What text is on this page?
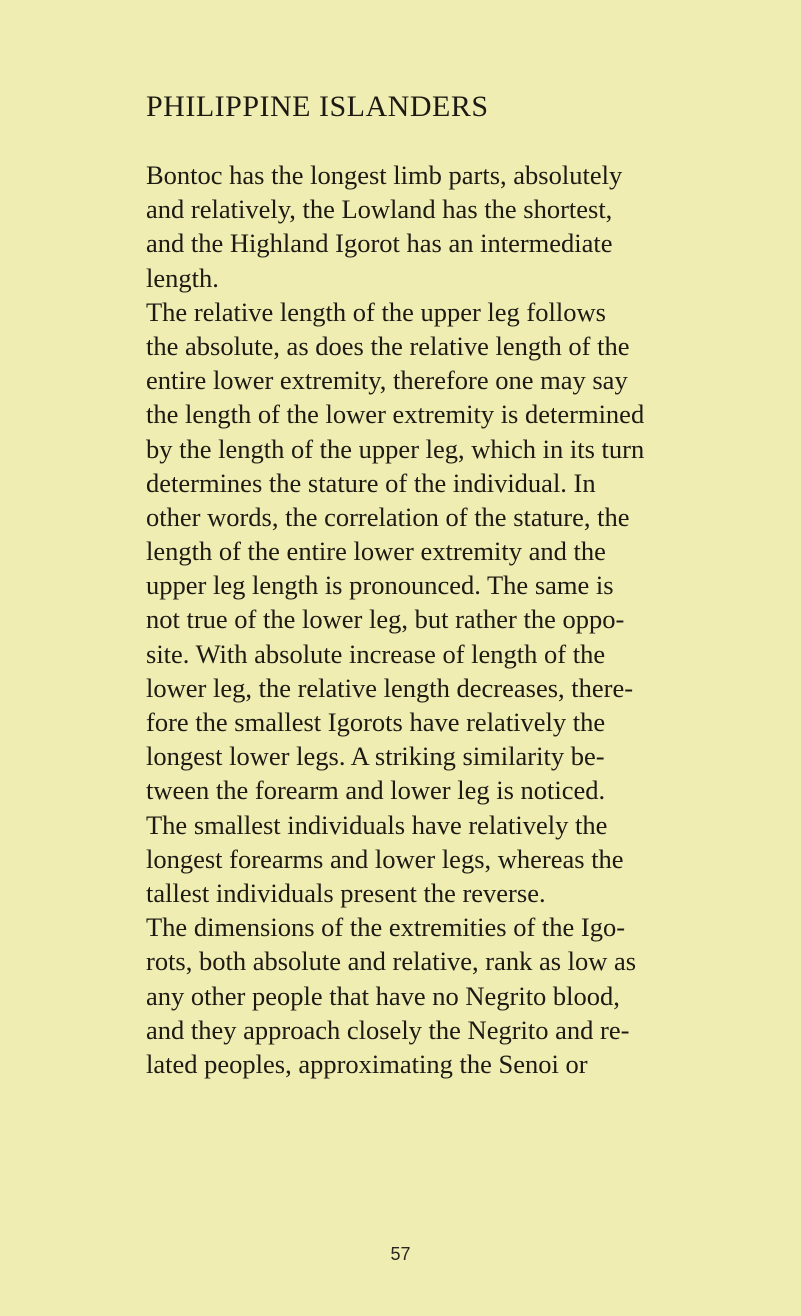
PHILIPPINE ISLANDERS
Bontoc has the longest limb parts, absolutely
and relatively, the Lowland has the shortest,
and the Highland Igorot has an intermediate
length.
The relative length of the upper leg follows
the absolute, as does the relative length of the
entire lower extremity, therefore one may say
the length of the lower extremity is determined
by the length of the upper leg, which in its turn
determines the stature of the individual. In
other words, the correlation of the stature, the
length of the entire lower extremity and the
upper leg length is pronounced. The same is
not true of the lower leg, but rather the oppo-
site. With absolute increase of length of the
lower leg, the relative length decreases, there-
fore the smallest Igorots have relatively the
longest lower legs. A striking similarity be-
tween the forearm and lower leg is noticed.
The smallest individuals have relatively the
longest forearms and lower legs, whereas the
tallest individuals present the reverse.
The dimensions of the extremities of the Igo-
rots, both absolute and relative, rank as low as
any other people that have no Negrito blood,
and they approach closely the Negrito and re-
lated peoples, approximating the Senoi or
57
